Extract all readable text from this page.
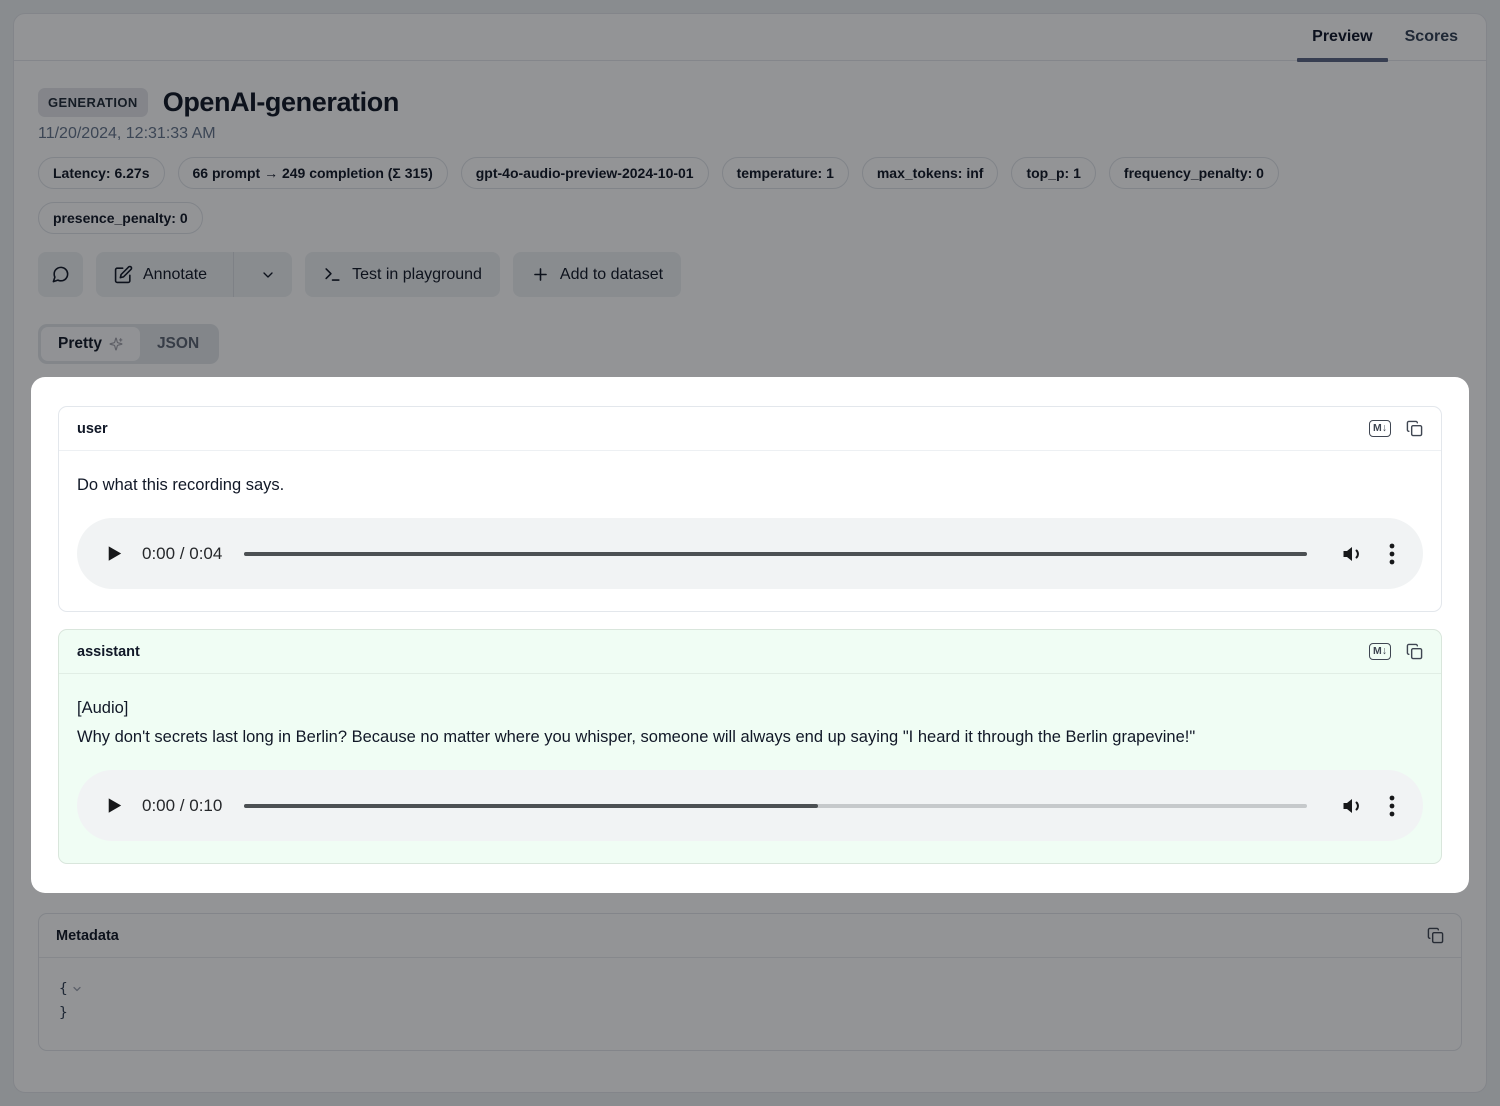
Preview	Scores
GENERATION OpenAI-generation
11/20/2024, 12:31:33 AM
Latency: 6.27s	66 prompt → 249 completion (Σ 315)	gpt-4o-audio-preview-2024-10-01	temperature: 1	max_tokens: inf	top_p: 1	frequency_penalty: 0
presence_penalty: 0
Annotate	Test in playground	Add to dataset
Pretty	JSON
user	M↓
Do what this recording says.
0:00 / 0:04
assistant	M↓
[Audio]
Why don't secrets last long in Berlin? Because no matter where you whisper, someone will always end up saying "I heard it through the Berlin grapevine!"
0:00 / 0:10
Metadata
{
}
